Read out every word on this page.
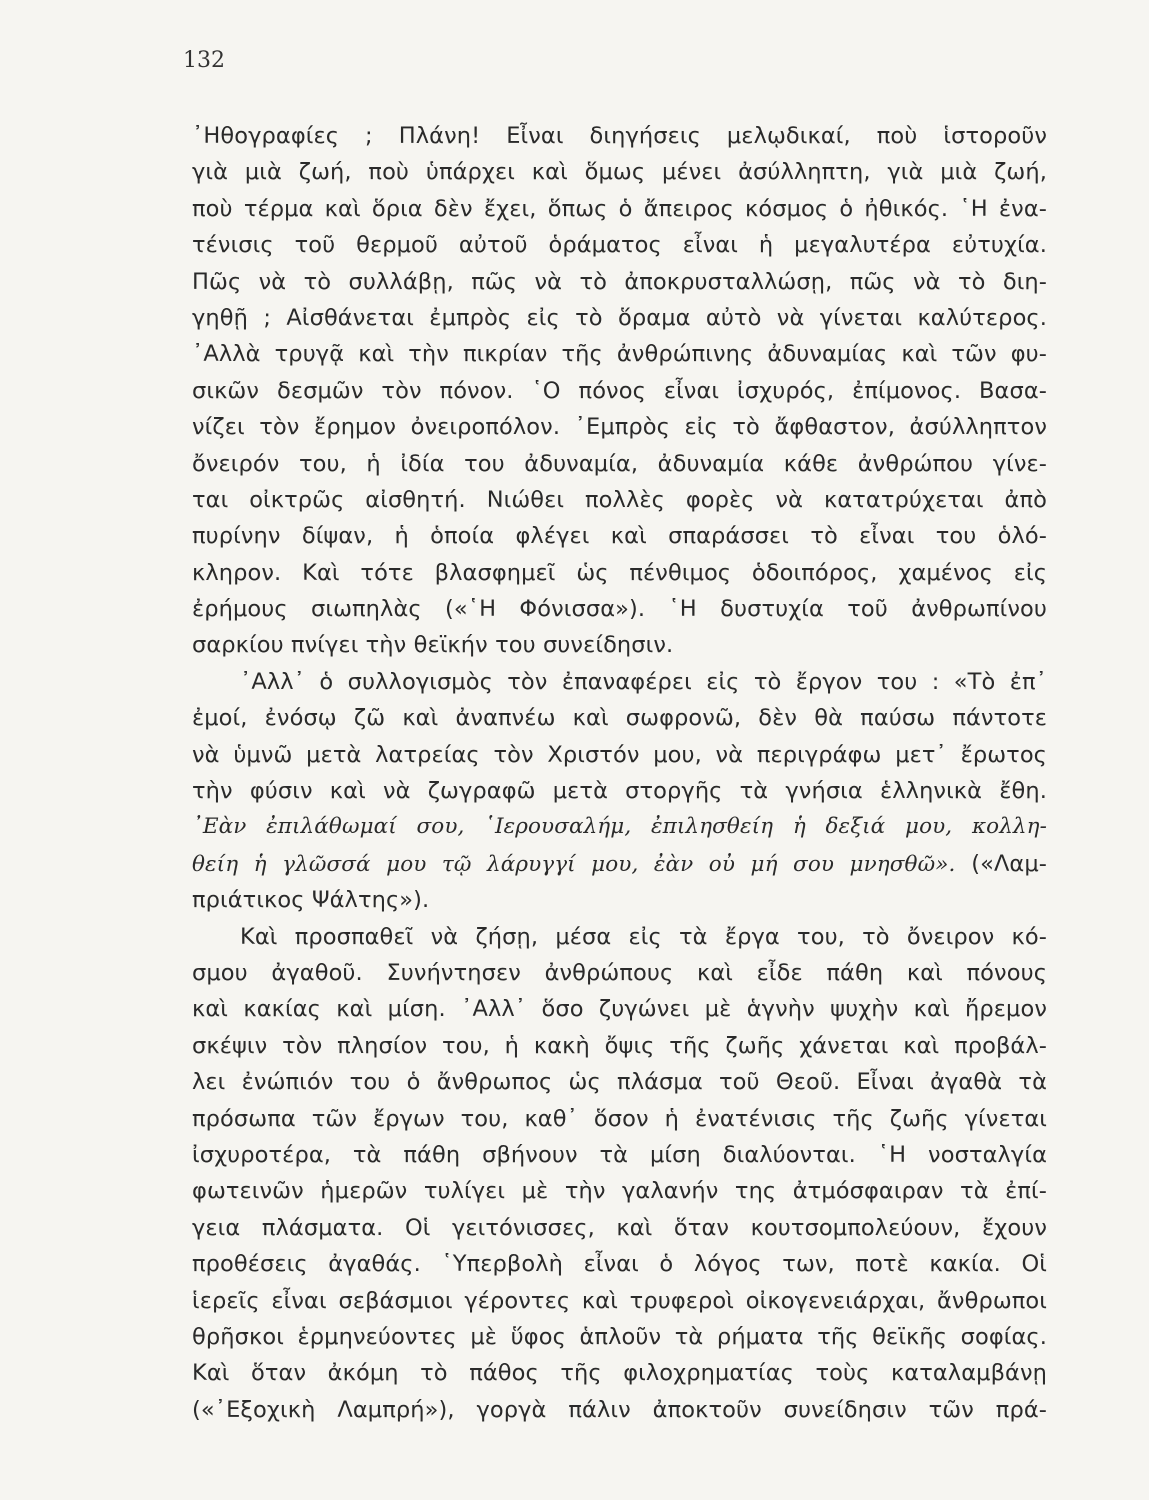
132
᾿Ηθογραφίες ; Πλάνη! Εἶναι διηγήσεις μελῳδικαί, ποὺ ἱστοροῦν
γιὰ μιὰ ζωή, ποὺ ὑπάρχει καὶ ὅμως μένει ἀσύλληπτη, γιὰ μιὰ ζωή,
ποὺ τέρμα καὶ ὅρια δὲν ἔχει, ὅπως ὁ ἄπειρος κόσμος ὁ ἠθικός. ῾Η ἐνα-
τένισις τοῦ θερμοῦ αὐτοῦ ὁράματος εἶναι ἡ μεγαλυτέρα εὐτυχία.
Πῶς νὰ τὸ συλλάβῃ, πῶς νὰ τὸ ἀποκρυσταλλώσῃ, πῶς νὰ τὸ διη-
γηθῇ ; Αἰσθάνεται ἐμπρὸς εἰς τὸ ὅραμα αὐτὸ νὰ γίνεται καλύτερος.
᾿Αλλὰ τρυγᾷ καὶ τὴν πικρίαν τῆς ἀνθρώπινης ἀδυναμίας καὶ τῶν φυ-
σικῶν δεσμῶν τὸν πόνον. ῾Ο πόνος εἶναι ἰσχυρός, ἐπίμονος. Βασα-
νίζει τὸν ἔρημον ὀνειροπόλον. ᾿Εμπρὸς εἰς τὸ ἄφθαστον, ἀσύλληπτον
ὄνειρόν του, ἡ ἰδία του ἀδυναμία, ἀδυναμία κάθε ἀνθρώπου γίνε-
ται οἰκτρῶς αἰσθητή. Νιώθει πολλὲς φορὲς νὰ κατατρύχεται ἀπὸ
πυρίνην δίψαν, ἡ ὁποία φλέγει καὶ σπαράσσει τὸ εἶναι του ὁλό-
κληρον. Καὶ τότε βλασφημεῖ ὡς πένθιμος ὁδοιπόρος, χαμένος εἰς
ἐρήμους σιωπηλὰς («῾Η Φόνισσα»). ῾Η δυστυχία τοῦ ἀνθρωπίνου
σαρκίου πνίγει τὴν θεϊκήν του συνείδησιν.
᾿Αλλ᾿ ὁ συλλογισμὸς τὸν ἐπαναφέρει εἰς τὸ ἔργον του : «Τὸ ἐπ᾿
ἐμοί, ἐνόσῳ ζῶ καὶ ἀναπνέω καὶ σωφρονῶ, δὲν θὰ παύσω πάντοτε
νὰ ὑμνῶ μετὰ λατρείας τὸν Χριστόν μου, νὰ περιγράφω μετ᾿ ἔρωτος
τὴν φύσιν καὶ νὰ ζωγραφῶ μετὰ στοργῆς τὰ γνήσια ἑλληνικὰ ἔθη.
᾿Εὰν ἐπιλάθωμαί σου, ῾Ιερουσαλήμ, ἐπιλησθείη ἡ δεξιά μου, κολλη-
θείη ἡ γλῶσσά μου τῷ λάρυγγί μου, ἐὰν οὐ μή σου μνησθῶ». («Λαμ-
πριάτικος Ψάλτης»).
Καὶ προσπαθεῖ νὰ ζήσῃ, μέσα εἰς τὰ ἔργα του, τὸ ὄνειρον κό-
σμου ἀγαθοῦ. Συνήντησεν ἀνθρώπους καὶ εἶδε πάθη καὶ πόνους
καὶ κακίας καὶ μίση. ᾿Αλλ᾿ ὅσο ζυγώνει μὲ ἁγνὴν ψυχὴν καὶ ἤρεμον
σκέψιν τὸν πλησίον του, ἡ κακὴ ὄψις τῆς ζωῆς χάνεται καὶ προβάλ-
λει ἐνώπιόν του ὁ ἄνθρωπος ὡς πλάσμα τοῦ Θεοῦ. Εἶναι ἀγαθὰ τὰ
πρόσωπα τῶν ἔργων του, καθ᾿ ὅσον ἡ ἐνατένισις τῆς ζωῆς γίνεται
ἰσχυροτέρα, τὰ πάθη σβήνουν τὰ μίση διαλύονται. ῾Η νοσταλγία
φωτεινῶν ἡμερῶν τυλίγει μὲ τὴν γαλανήν της ἀτμόσφαιραν τὰ ἐπί-
γεια πλάσματα. Οἱ γειτόνισσες, καὶ ὅταν κουτσομπολεύουν, ἔχουν
προθέσεις ἀγαθάς. ῾Υπερβολὴ εἶναι ὁ λόγος των, ποτὲ κακία. Οἱ
ἱερεῖς εἶναι σεβάσμιοι γέροντες καὶ τρυφεροὶ οἰκογενειάρχαι, ἄνθρωποι
θρῆσκοι ἑρμηνεύοντες μὲ ὕφος ἁπλοῦν τὰ ρήματα τῆς θεϊκῆς σοφίας.
Καὶ ὅταν ἀκόμη τὸ πάθος τῆς φιλοχρηματίας τοὺς καταλαμβάνῃ
(«᾿Εξοχικὴ Λαμπρή»), γοργὰ πάλιν ἀποκτοῦν συνείδησιν τῶν πρά-
